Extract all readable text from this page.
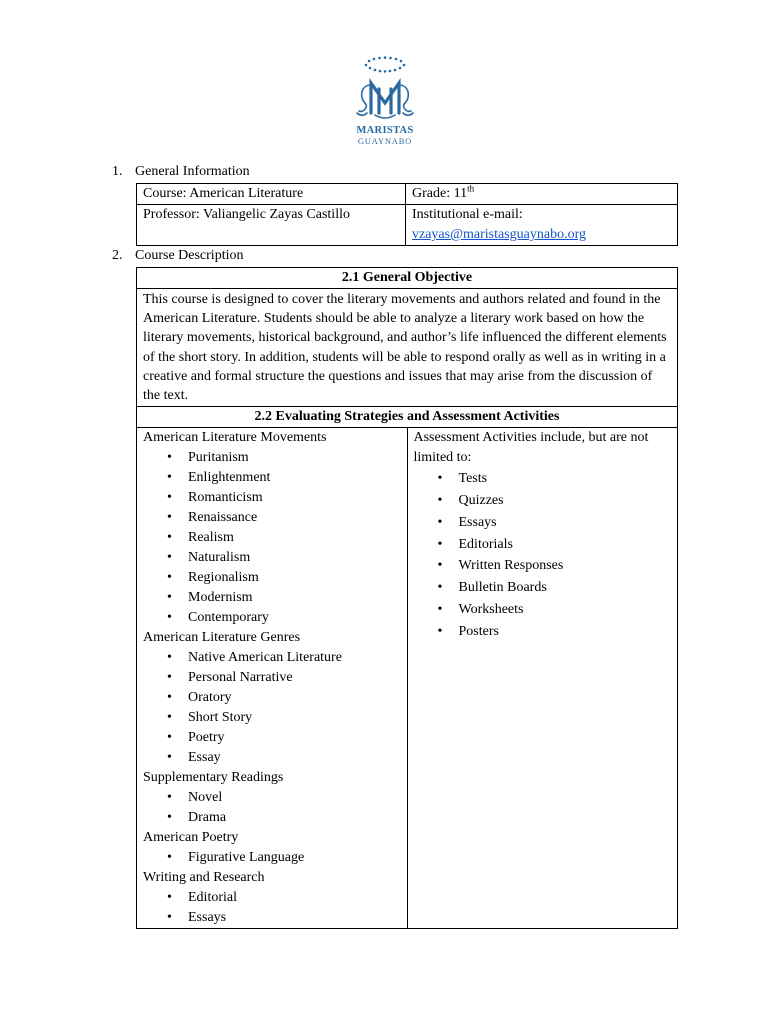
MARISTAS
GUAYNABO
1. General Information
Course: American Literature	Grade: 11th
Professor: Valiangelic Zayas Castillo	Institutional e-mail:
vzayas@maristasguaynabo.org
2. Course Description
2.1 General Objective
This course is designed to cover the literary movements and authors related and found in the American Literature. Students should be able to analyze a literary work based on how the literary movements, historical background, and author’s life influenced the different elements of the short story. In addition, students will be able to respond orally as well as in writing in a creative and formal structure the questions and issues that may arise from the discussion of the text.
2.2 Evaluating Strategies and Assessment Activities

American Literature Movements
• Puritanism
• Enlightenment
• Romanticism
• Renaissance
• Realism
• Naturalism
• Regionalism
• Modernism
• Contemporary
American Literature Genres
• Native American Literature
• Personal Narrative
• Oratory
• Short Story
• Poetry
• Essay
Supplementary Readings
• Novel
• Drama
American Poetry
• Figurative Language
Writing and Research
• Editorial
• Essays

Assessment Activities include, but are not limited to:
• Tests
• Quizzes
• Essays
• Editorials
• Written Responses
• Bulletin Boards
• Worksheets
• Posters
